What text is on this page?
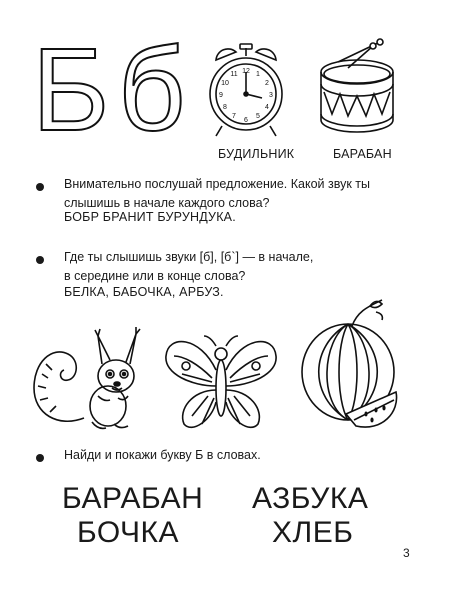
Б б	12 1
2
3
4
5
6
7
8
9
10
11
БУДИЛЬНИК	БАРАБАН
Внимательно послушай предложение. Какой звук ты
слышишь в начале каждого слова?
БОБР БРАНИТ БУРУНДУКА.
Где ты слышишь звуки [б], [б`] — в начале,
в середине или в конце слова?
БЕЛКА, БАБОЧКА, АРБУЗ.
Найди и покажи букву Б в словах.
БАРАБАН АЗБУКА
БОЧКА	ХЛЕБ
3
